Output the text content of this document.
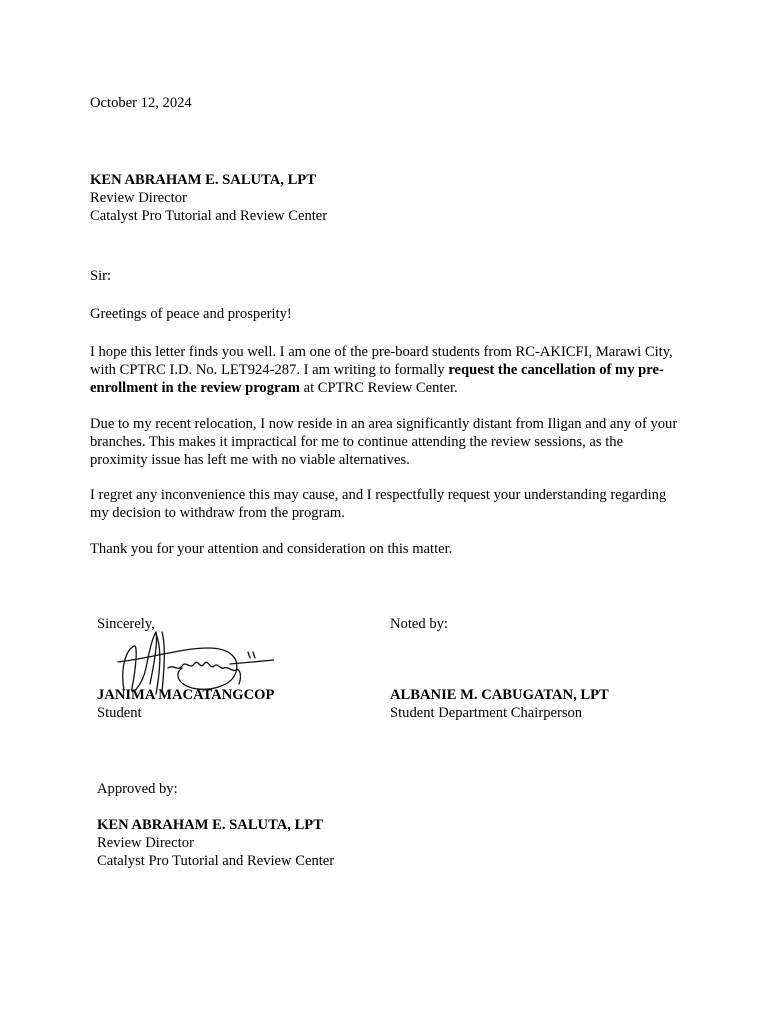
October 12, 2024
KEN ABRAHAM E. SALUTA, LPT
Review Director
Catalyst Pro Tutorial and Review Center
Sir:
Greetings of peace and prosperity!

I hope this letter finds you well. I am one of the pre-board students from RC-AKICFI, Marawi City, with CPTRC I.D. No. LET924-287. I am writing to formally request the cancellation of my pre-enrollment in the review program at CPTRC Review Center.

Due to my recent relocation, I now reside in an area significantly distant from Iligan and any of your branches. This makes it impractical for me to continue attending the review sessions, as the proximity issue has left me with no viable alternatives.

I regret any inconvenience this may cause, and I respectfully request your understanding regarding my decision to withdraw from the program.

Thank you for your attention and consideration on this matter.

Sincerely,
JANIMA MACATANGCOP
Student
Noted by:
ALBANIE M. CABUGATAN, LPT
Student Department Chairperson
Approved by:
KEN ABRAHAM E. SALUTA, LPT
Review Director
Catalyst Pro Tutorial and Review Center
